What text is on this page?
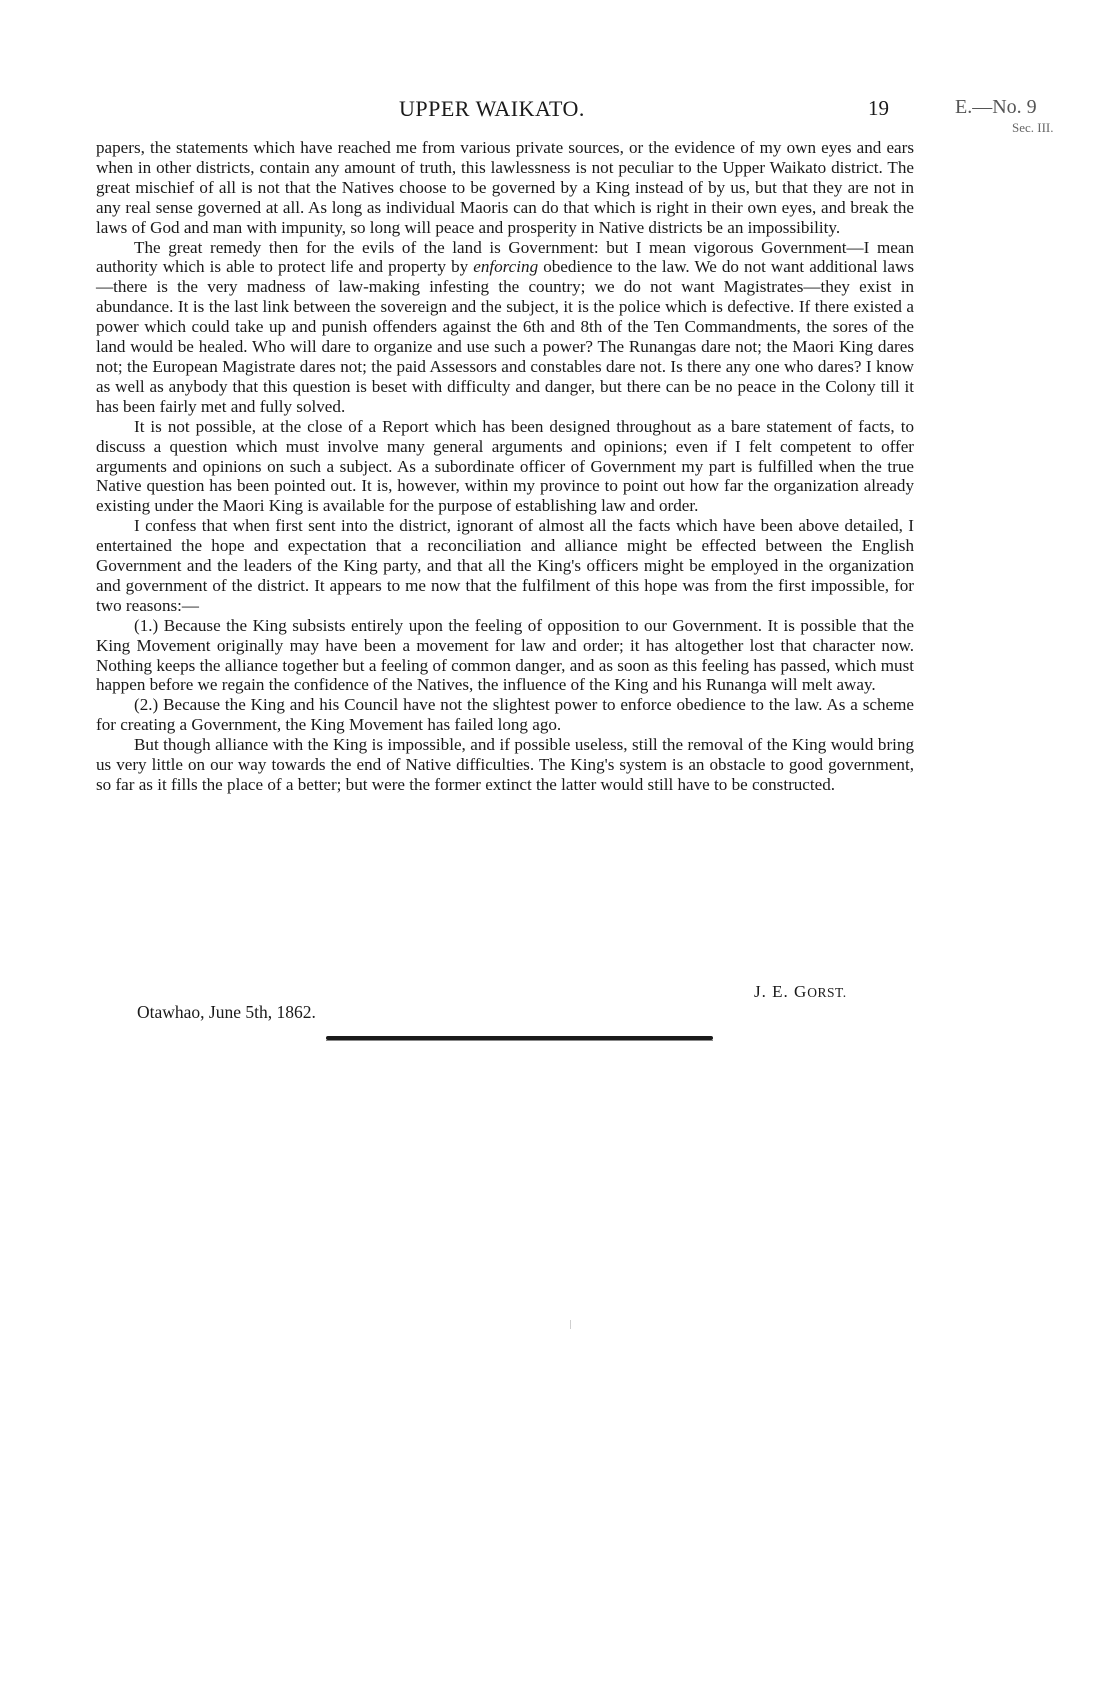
UPPER WAIKATO.	19	E.—No. 9
Sec. III.

papers, the statements which have reached me from various private sources, or the evidence of my own eyes and ears when in other districts, contain any amount of truth, this lawlessness is not peculiar to the Upper Waikato district. The great mischief of all is not that the Natives choose to be governed by a King instead of by us, but that they are not in any real sense governed at all. As long as individual Maoris can do that which is right in their own eyes, and break the laws of God and man with impunity, so long will peace and prosperity in Native districts be an impossibility.

The great remedy then for the evils of the land is Government: but I mean vigorous Government—I mean authority which is able to protect life and property by enforcing obedience to the law. We do not want additional laws—there is the very madness of law-making infesting the country; we do not want Magistrates—they exist in abundance. It is the last link between the sovereign and the subject, it is the police which is defective. If there existed a power which could take up and punish offenders against the 6th and 8th of the Ten Commandments, the sores of the land would be healed. Who will dare to organize and use such a power? The Runangas dare not; the Maori King dares not; the European Magistrate dares not; the paid Assessors and constables dare not. Is there any one who dares? I know as well as anybody that this question is beset with difficulty and danger, but there can be no peace in the Colony till it has been fairly met and fully solved.

It is not possible, at the close of a Report which has been designed throughout as a bare statement of facts, to discuss a question which must involve many general arguments and opinions; even if I felt competent to offer arguments and opinions on such a subject. As a subordinate officer of Government my part is fulfilled when the true Native question has been pointed out. It is, however, within my province to point out how far the organization already existing under the Maori King is available for the purpose of establishing law and order.

I confess that when first sent into the district, ignorant of almost all the facts which have been above detailed, I entertained the hope and expectation that a reconciliation and alliance might be effected between the English Government and the leaders of the King party, and that all the King's officers might be employed in the organization and government of the district. It appears to me now that the fulfilment of this hope was from the first impossible, for two reasons:—

(1.) Because the King subsists entirely upon the feeling of opposition to our Government. It is possible that the King Movement originally may have been a movement for law and order; it has altogether lost that character now. Nothing keeps the alliance together but a feeling of common danger, and as soon as this feeling has passed, which must happen before we regain the confidence of the Natives, the influence of the King and his Runanga will melt away.

(2.) Because the King and his Council have not the slightest power to enforce obedience to the law. As a scheme for creating a Government, the King Movement has failed long ago.

But though alliance with the King is impossible, and if possible useless, still the removal of the King would bring us very little on our way towards the end of Native difficulties. The King's system is an obstacle to good government, so far as it fills the place of a better; but were the former extinct the latter would still have to be constructed.

J. E. GORST.
Otawhao, June 5th, 1862.
